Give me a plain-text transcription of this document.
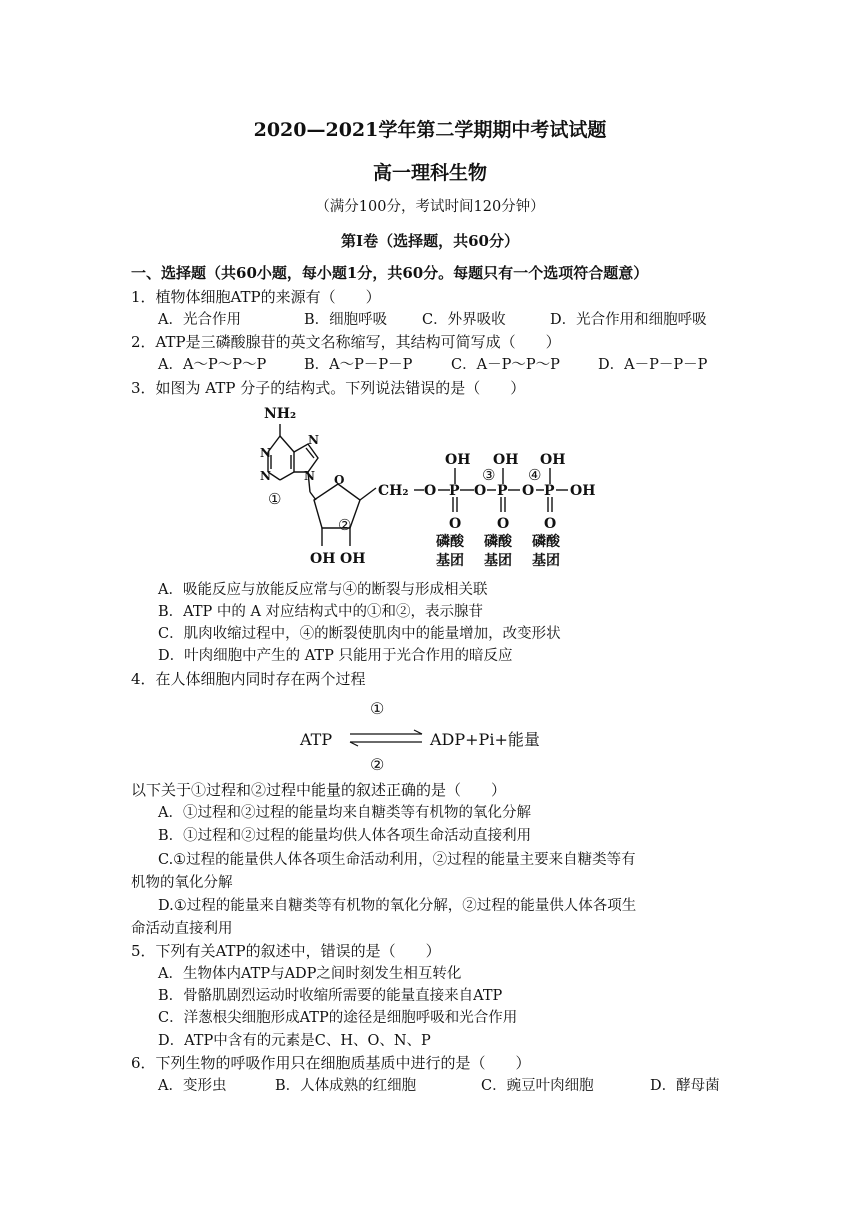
2020—2021学年第二学期期中考试试题
高一理科生物
（满分100分，考试时间120分钟）
第Ⅰ卷（选择题，共60分）
一、选择题（共60小题，每小题1分，共60分。每题只有一个选项符合题意）
1．植物体细胞ATP的来源有（　　）
A．光合作用	B．细胞呼吸 C．外界吸收	D．光合作用和细胞呼吸
2．ATP是三磷酸腺苷的英文名称缩写，其结构可简写成（　　）
A．A～P～P～P	B．A～P－P－P	C．A－P～P～P	D．A－P－P－P
3．如图为 ATP 分子的结构式。下列说法错误的是（　　）
NH₂
N
N
N
N O
OH OH
CH₂ O P O P O P OH
OH OH OH
O	O O
①
②
③ ④
磷酸
基团
磷酸
基团
磷酸
基团
A．吸能反应与放能反应常与④的断裂与形成相关联
B．ATP 中的 A 对应结构式中的①和②，表示腺苷
C．肌肉收缩过程中，④的断裂使肌肉中的能量增加，改变形状
D．叶肉细胞中产生的 ATP 只能用于光合作用的暗反应
4．在人体细胞内同时存在两个过程
①
ATP	ADP+Pi+能量
②
以下关于①过程和②过程中能量的叙述正确的是（　　）
A．①过程和②过程的能量均来自糖类等有机物的氧化分解
B．①过程和②过程的能量均供人体各项生命活动直接利用
C.①过程的能量供人体各项生命活动利用，②过程的能量主要来自糖类等有
机物的氧化分解
D.①过程的能量来自糖类等有机物的氧化分解，②过程的能量供人体各项生
命活动直接利用
5．下列有关ATP的叙述中，错误的是（　　）
A．生物体内ATP与ADP之间时刻发生相互转化
B．骨骼肌剧烈运动时收缩所需要的能量直接来自ATP
C．洋葱根尖细胞形成ATP的途径是细胞呼吸和光合作用
D．ATP中含有的元素是C、H、O、N、P
6．下列生物的呼吸作用只在细胞质基质中进行的是（　　）
A．变形虫	B．人体成熟的红细胞	C．豌豆叶肉细胞	D．酵母菌
